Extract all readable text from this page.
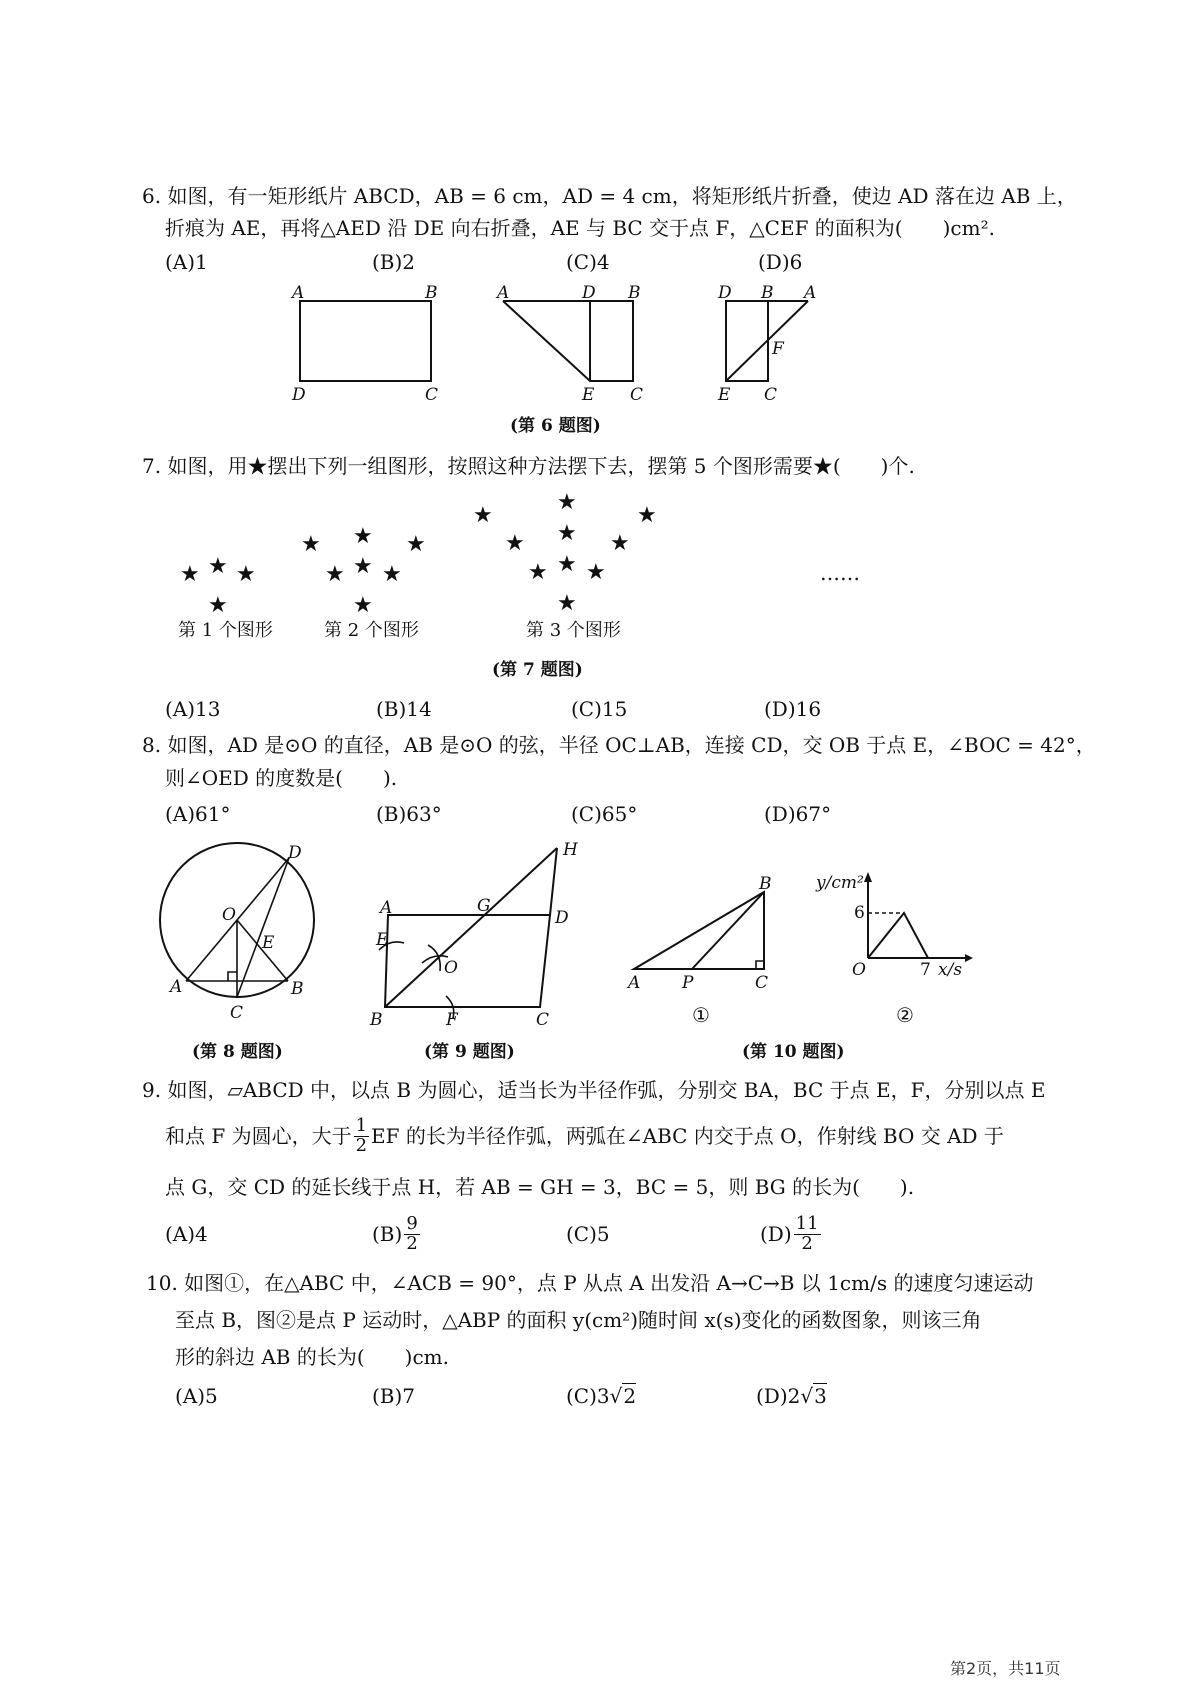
6. 如图，有一矩形纸片 ABCD，AB = 6 cm，AD = 4 cm，将矩形纸片折叠，使边 AD 落在边 AB 上，
折痕为 AE，再将△AED 沿 DE 向右折叠，AE 与 BC 交于点 F，△CEF 的面积为(　　)cm².
(A)1	(B)2	(C)4	(D)6
A	B
D	C
A	D B
E C
D B A
F
E C
(第 6 题图)
7. 如图，用★摆出下列一组图形，按照这种方法摆下去，摆第 5 个图形需要★(　　)个.
★ ★ ★
★
第 1 个图形
★ ★ ★
★ ★ ★
★
第 2 个图形
★
★
★
★ ★ ★
★ ★ ★
★
第 3 个图形
……
(第 7 题图)
(A)13	(B)14	(C)15	(D)16
8. 如图，AD 是⊙O 的直径，AB 是⊙O 的弦，半径 OC⊥AB，连接 CD，交 OB 于点 E，∠BOC = 42°，
则∠OED 的度数是(　　).
(A)61°	(B)63°	(C)65°	(D)67°
D
O
E
A	B
C
(第 8 题图)
H
A	G
D
E
O
B	F	C
(第 9 题图)
B
A P	C
①
y/cm²
6
O	7 x/s
②
(第 10 题图)
9. 如图，▱ABCD 中，以点 B 为圆心，适当长为半径作弧，分别交 BA，BC 于点 E，F，分别以点 E
和点 F 为圆心，大于 $\frac{1}{2}$ EF 的长为半径作弧，两弧在∠ABC 内交于点 O，作射线 BO 交 AD 于
点 G，交 CD 的延长线于点 H，若 AB = GH = 3，BC = 5，则 BG 的长为(　　).
(A)4	$(B) \frac{9}{2}$	(C)5	$(D) \frac{11}{2}$
10. 如图①，在△ABC 中，∠ACB = 90°，点 P 从点 A 出发沿 A→C→B 以 1cm/s 的速度匀速运动
至点 B，图②是点 P 运动时，△ABP 的面积 y(cm²)随时间 x(s)变化的函数图象，则该三角
形的斜边 AB 的长为(　　)cm.
(A)5	(B)7	(C)3√2	(D)2√3
第2页，共11页
